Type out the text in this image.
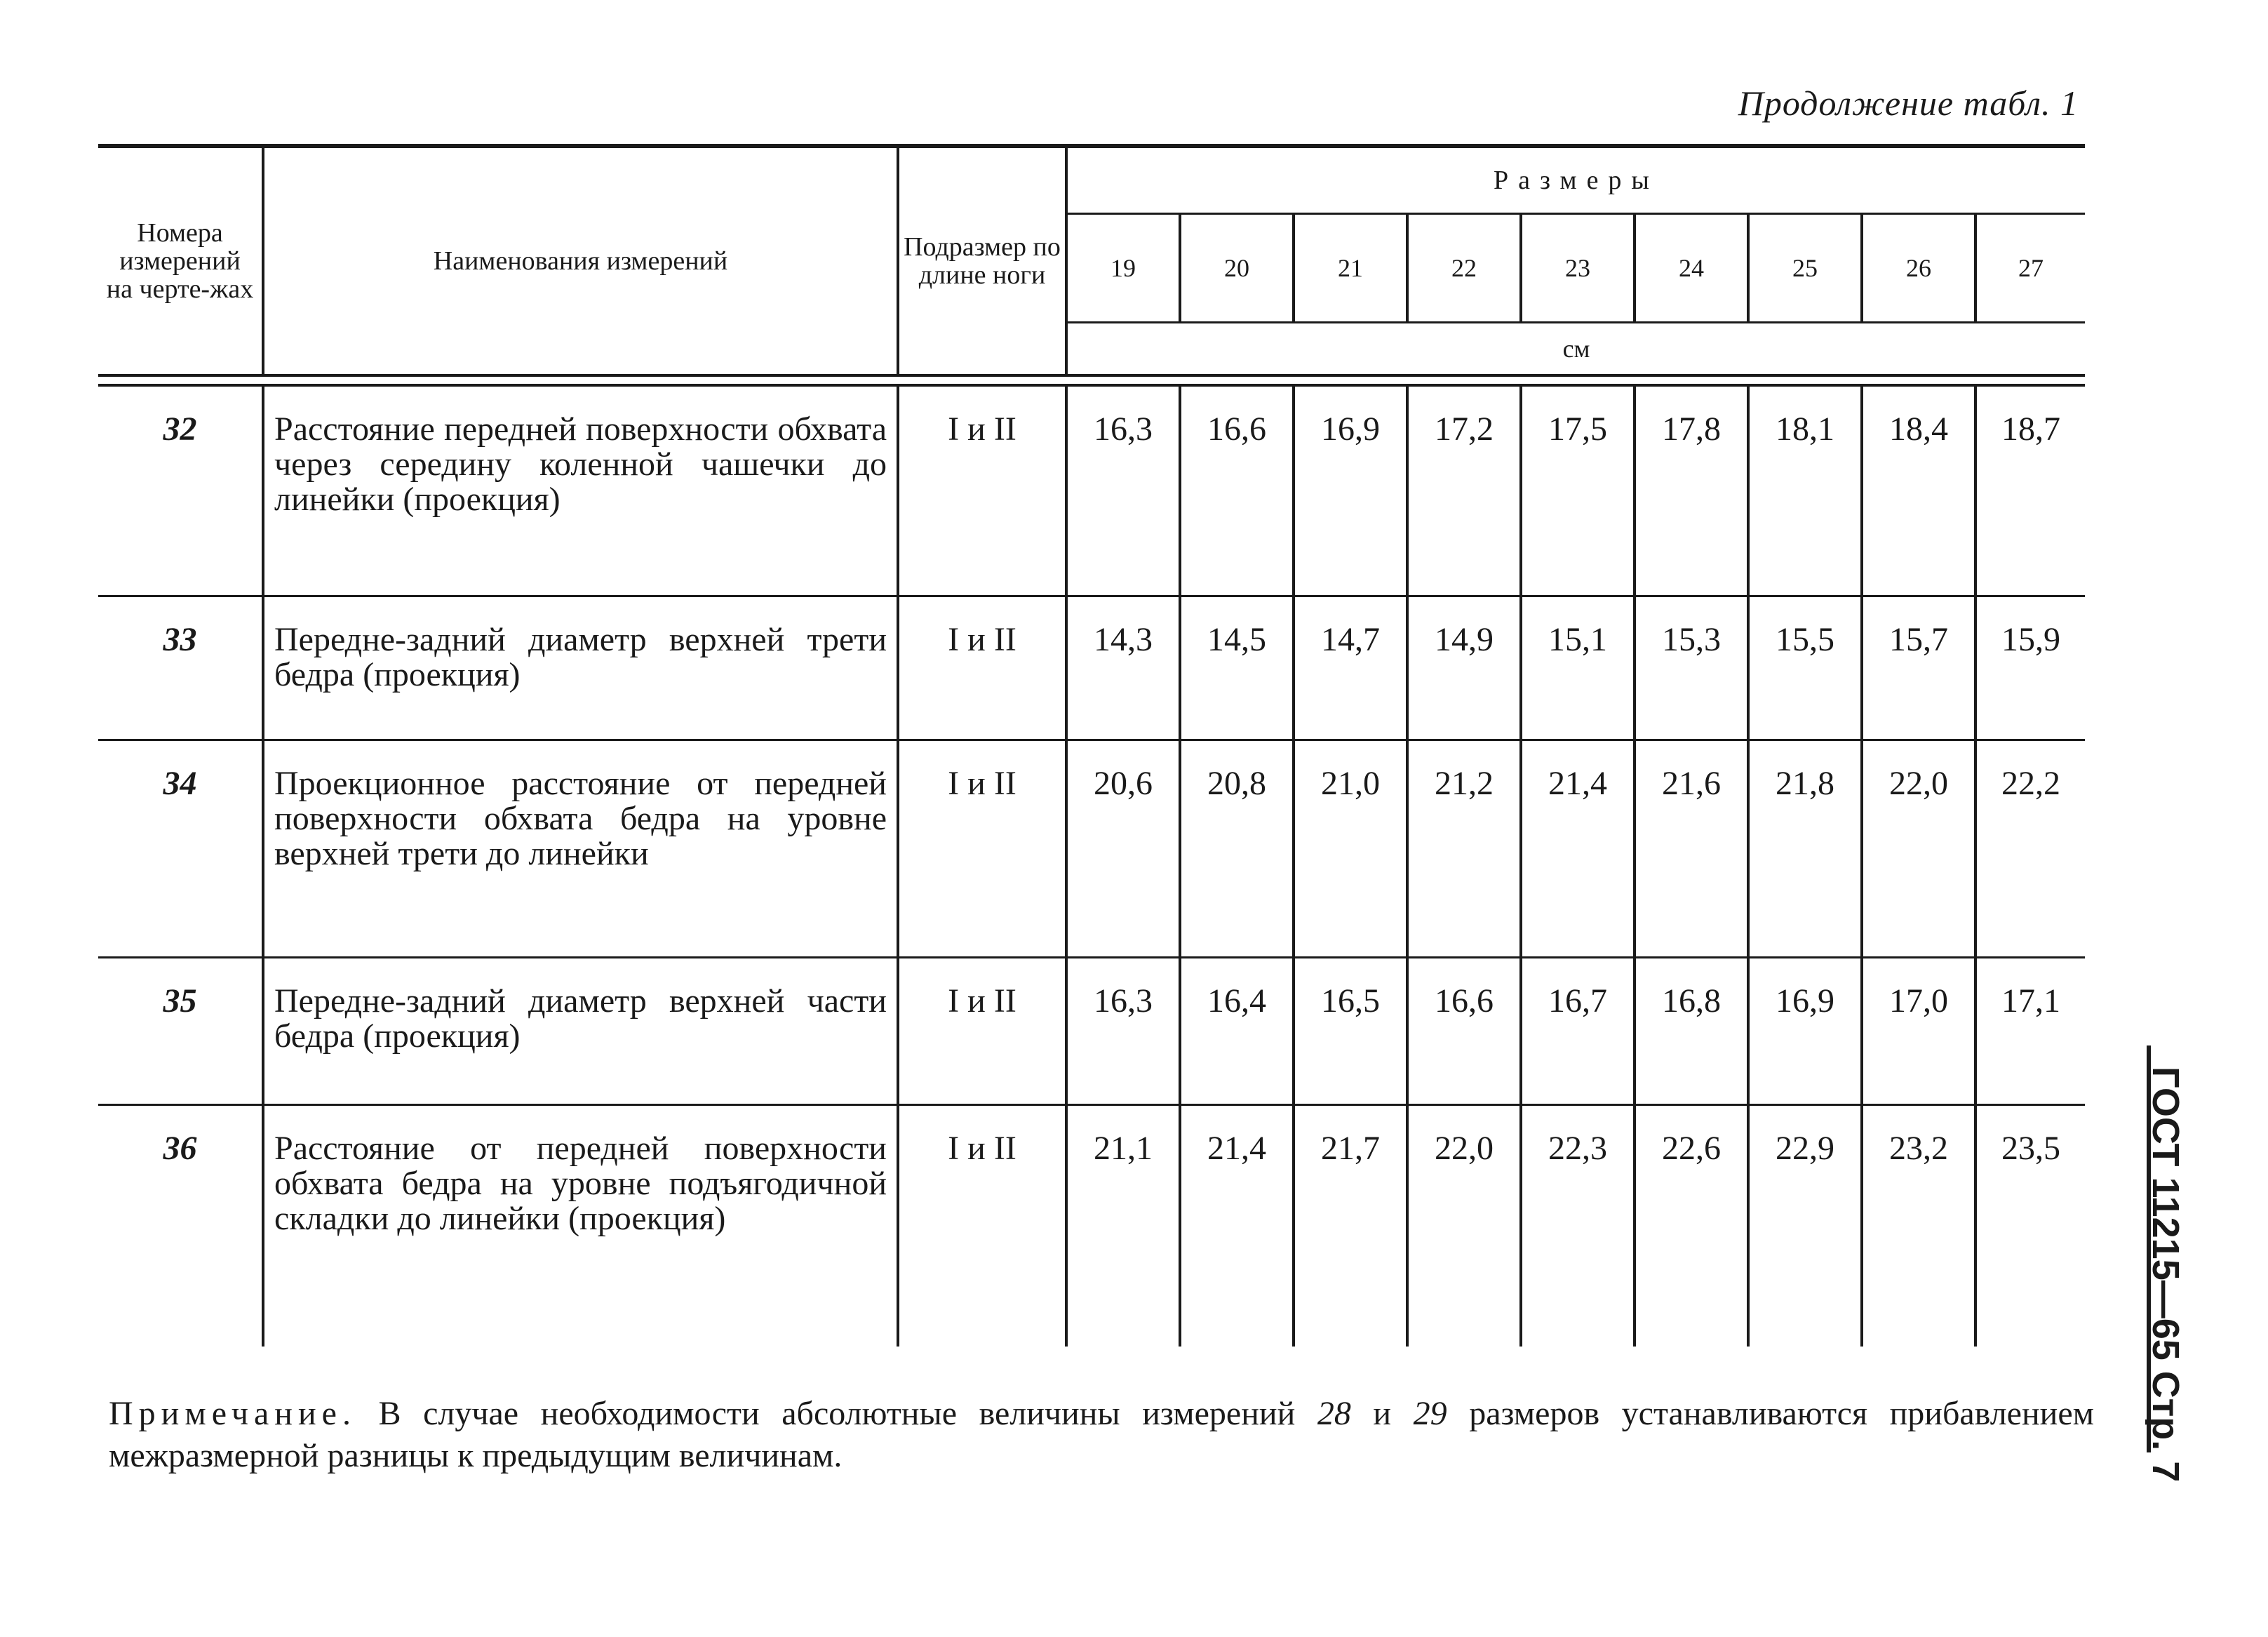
Продолжение табл. 1
Номера измерений на черте-жах	Наименования измерений	Подразмер по длине ноги	Размеры								
			19	20	21	22	23	24	25	26	27
			см								

32	Расстояние передней поверхности обхвата через середину коленной чашечки до линейки (проекция)	I и II	16,3	16,6	16,9	17,2	17,5	17,8	18,1	18,4	18,7
33	Передне-задний диаметр верхней трети бедра (проекция)	I и II	14,3	14,5	14,7	14,9	15,1	15,3	15,5	15,7	15,9
34	Проекционное расстояние от передней поверхности обхвата бедра на уровне верхней трети до линейки	I и II	20,6	20,8	21,0	21,2	21,4	21,6	21,8	22,0	22,2
35	Передне-задний диаметр верхней части бедра (проекция)	I и II	16,3	16,4	16,5	16,6	16,7	16,8	16,9	17,0	17,1
36	Расстояние от передней поверхности обхвата бедра на уровне подъягодичной складки до линейки (проекция)	I и II	21,1	21,4	21,7	22,0	22,3	22,6	22,9	23,2	23,5
Примечание. В случае необходимости абсолютные величины измерений 28 и 29 размеров устанавливаются прибавлением межразмерной разницы к предыдущим величинам.	ГОСТ 11215—65 Стр. 7
